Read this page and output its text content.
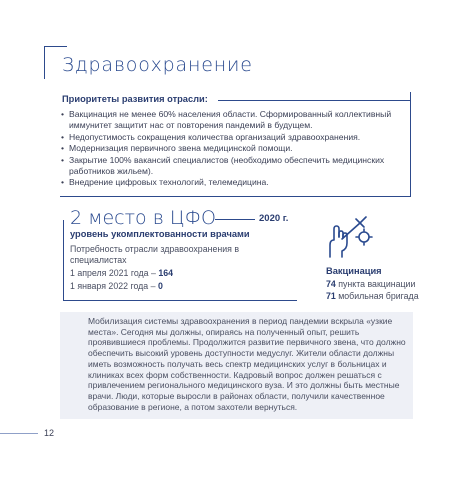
Здравоохранение
Приоритеты развития отрасли:
• Вакцинация не менее 60% населения области. Сформированный коллективный иммунитет защитит нас от повторения пандемий в будущем.
• Недопустимость сокращения количества организаций здравоохранения.
• Модернизация первичного звена медицинской помощи.
• Закрытие 100% вакансий специалистов (необходимо обеспечить медицинских работников жильем).
• Внедрение цифровых технологий, телемедицина.
2 место в ЦФО	2020 г.
уровень укомплектованности врачами
Потребность отрасли здравоохранения в специалистах
1 апреля 2021 года – 164
1 января 2022 года – 0
Вакцинация
74 пункта вакцинации
71 мобильная бригада

Мобилизация системы здравоохранения в период пандемии вскрыла «узкие места». Сегодня мы должны, опираясь на полученный опыт, решить проявившиеся проблемы. Продолжится развитие первичного звена, что должно обеспечить высокий уровень доступности медуслуг. Жители области должны иметь возможность получать весь спектр медицинских услуг в больницах и клиниках всех форм собственности. Кадровый вопрос должен решаться с привлечением регионального медицинского вуза. И это должны быть местные врачи. Люди, которые выросли в районах области, получили качественное образование в регионе, а потом захотели вернуться.

12
